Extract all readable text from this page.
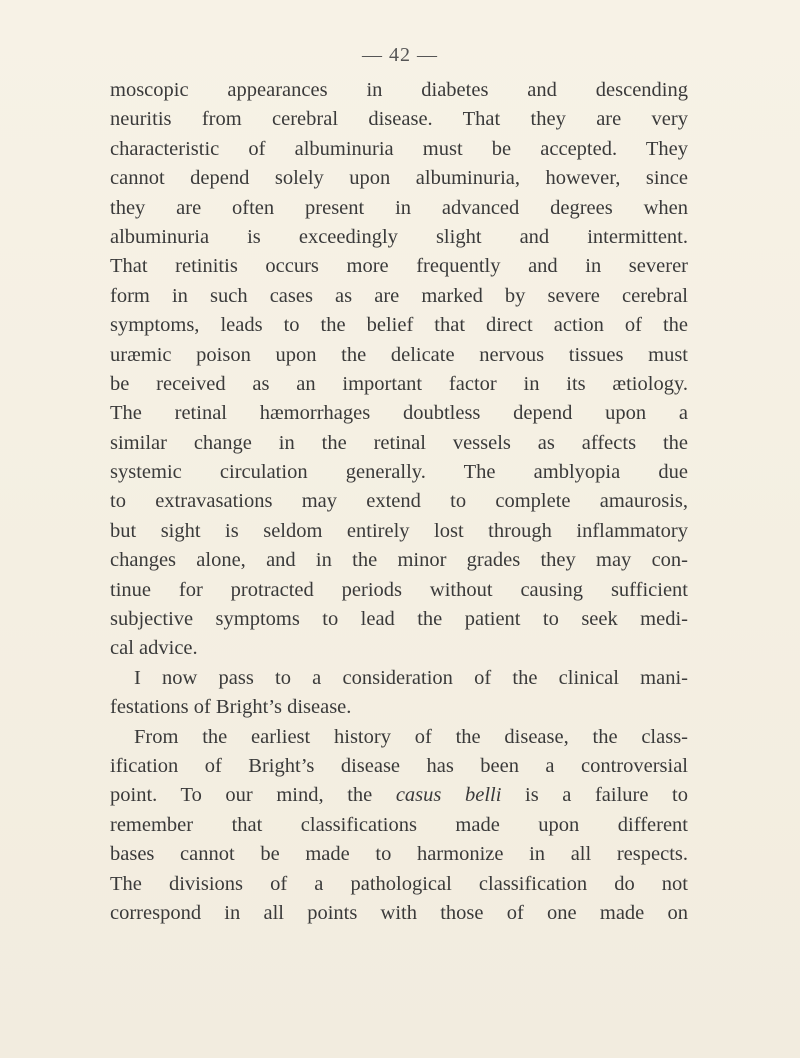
— 42 —
moscopic appearances in diabetes and descending
neuritis from cerebral disease. That they are very
characteristic of albuminuria must be accepted. They
cannot depend solely upon albuminuria, however, since
they are often present in advanced degrees when
albuminuria is exceedingly slight and intermittent.
That retinitis occurs more frequently and in severer
form in such cases as are marked by severe cerebral
symptoms, leads to the belief that direct action of the
uræmic poison upon the delicate nervous tissues must
be received as an important factor in its ætiology.
The retinal hæmorrhages doubtless depend upon a
similar change in the retinal vessels as affects the
systemic circulation generally. The amblyopia due
to extravasations may extend to complete amaurosis,
but sight is seldom entirely lost through inflammatory
changes alone, and in the minor grades they may con-
tinue for protracted periods without causing sufficient
subjective symptoms to lead the patient to seek medi-
cal advice.
I now pass to a consideration of the clinical mani-
festations of Bright’s disease.
From the earliest history of the disease, the class-
ification of Bright’s disease has been a controversial
point. To our mind, the casus belli is a failure to
remember that classifications made upon different
bases cannot be made to harmonize in all respects.
The divisions of a pathological classification do not
correspond in all points with those of one made on
